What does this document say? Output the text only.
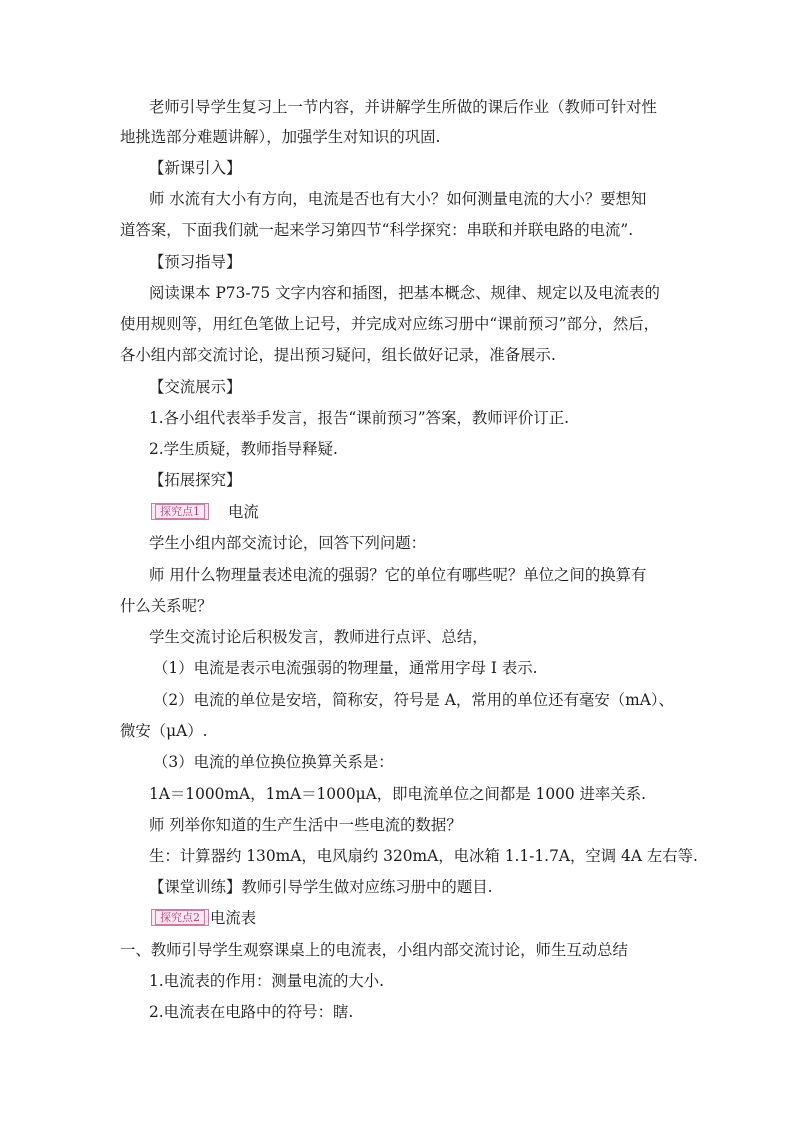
老师引导学生复习上一节内容，并讲解学生所做的课后作业（教师可针对性
地挑选部分难题讲解），加强学生对知识的巩固.
【新课引入】
师 水流有大小有方向，电流是否也有大小？如何测量电流的大小？要想知
道答案，下面我们就一起来学习第四节“科学探究：串联和并联电路的电流”.
【预习指导】
阅读课本 P73-75 文字内容和插图，把基本概念、规律、规定以及电流表的
使用规则等，用红色笔做上记号，并完成对应练习册中“课前预习”部分，然后，
各小组内部交流讨论，提出预习疑问，组长做好记录，准备展示.
【交流展示】
1.各小组代表举手发言，报告“课前预习”答案，教师评价订正.
2.学生质疑，教师指导释疑.
【拓展探究】
探究点1	电流
学生小组内部交流讨论，回答下列问题：
师 用什么物理量表述电流的强弱？它的单位有哪些呢？单位之间的换算有
什么关系呢？
学生交流讨论后积极发言，教师进行点评、总结，
（1）电流是表示电流强弱的物理量，通常用字母 I 表示.
（2）电流的单位是安培，简称安，符号是 A，常用的单位还有毫安（mA）、
微安（μA）.
（3）电流的单位换位换算关系是：
1A＝1000mA，1mA＝1000μA，即电流单位之间都是 1000 进率关系.
师 列举你知道的生产生活中一些电流的数据？
生：计算器约 130mA，电风扇约 320mA，电冰箱 1.1-1.7A，空调 4A 左右等.
【课堂训练】教师引导学生做对应练习册中的题目.
探究点2 电流表
一、教师引导学生观察课桌上的电流表，小组内部交流讨论，师生互动总结
1.电流表的作用：测量电流的大小.
2.电流表在电路中的符号：瞎.
